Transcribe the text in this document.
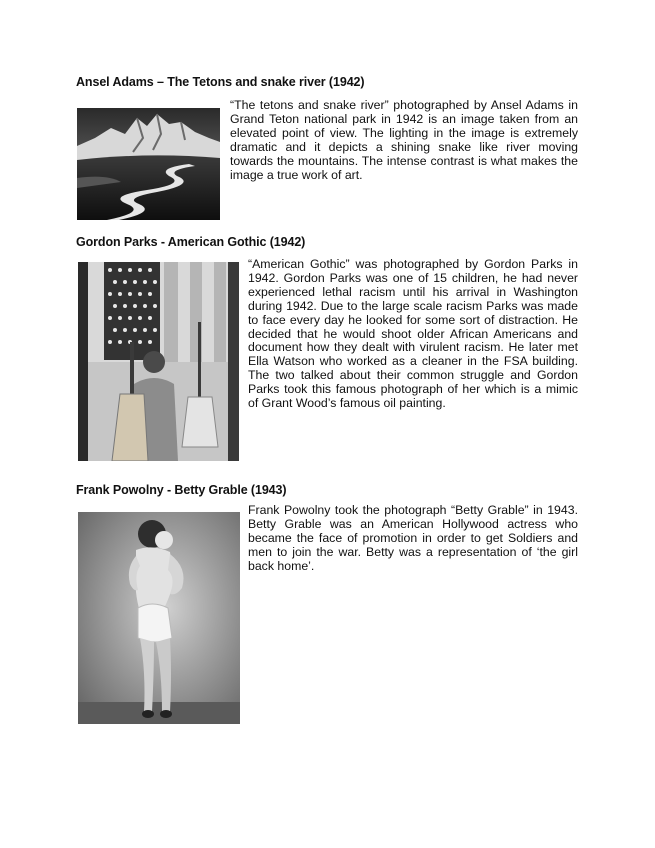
Ansel Adams – The Tetons and snake river (1942)

“The tetons and snake river” photographed by Ansel Adams in Grand Teton national park in 1942 is an image taken from an elevated point of view. The lighting in the image is extremely dramatic and it depicts a shining snake like river moving towards the mountains. The intense contrast is what makes the image a true work of art.

Gordon Parks - American Gothic (1942)

“American Gothic” was photographed by Gordon Parks in 1942. Gordon Parks was one of 15 children, he had never experienced lethal racism until his arrival in Washington during 1942. Due to the large scale racism Parks was made to face every day he looked for some sort of distraction. He decided that he would shoot older African Americans and document how they dealt with virulent racism. He later met Ella Watson who worked as a cleaner in the FSA building. The two talked about their common struggle and Gordon Parks took this famous photograph of her which is a mimic of Grant Wood’s famous oil painting.

Frank Powolny - Betty Grable (1943)

Frank Powolny took the photograph “Betty Grable” in 1943. Betty Grable was an American Hollywood actress who became the face of promotion in order to get Soldiers and men to join the war. Betty was a representation of ‘the girl back home’.
